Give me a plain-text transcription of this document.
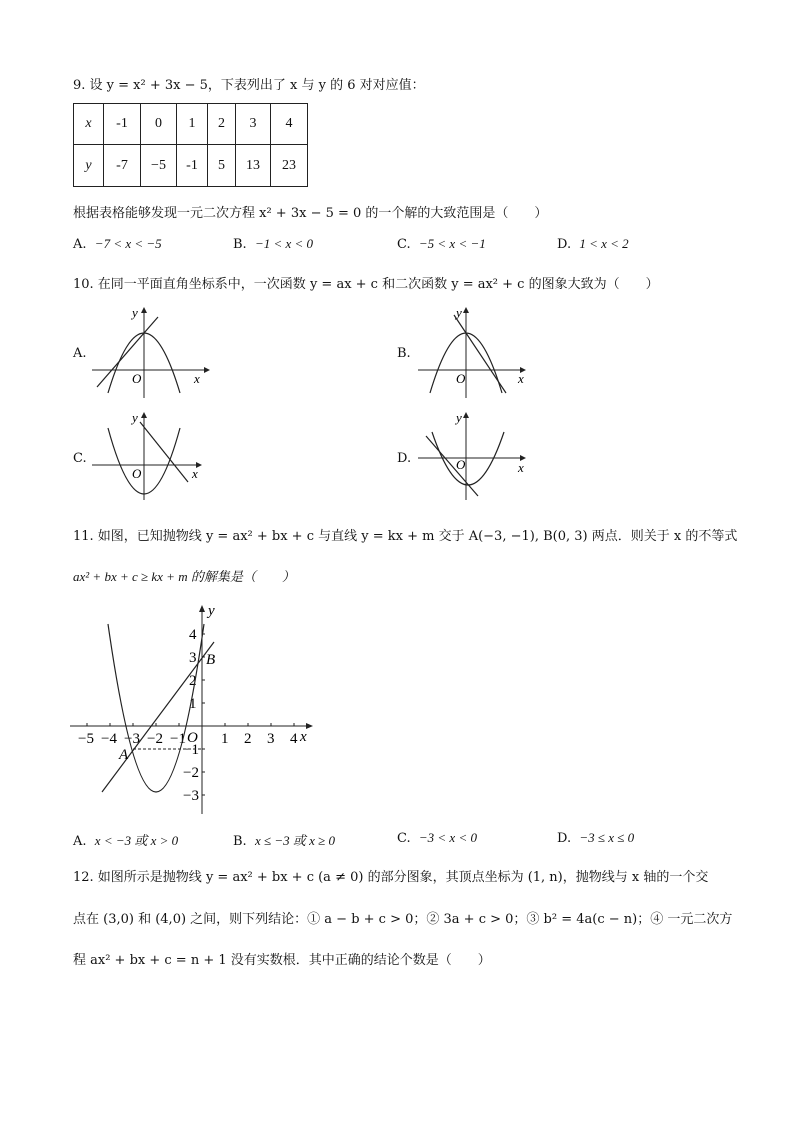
9. 设 y = x² + 3x − 5，下表列出了 x 与 y 的 6 对对应值：
x	-1	0	1	2	3	4
y	-7	−5	-1	5	13	23
根据表格能够发现一元二次方程 x² + 3x − 5 = 0 的一个解的大致范围是（　　）
A. −7 < x < −5	B. −1 < x < 0	C. −5 < x < −1	D. 1 < x < 2
10. 在同一平面直角坐标系中，一次函数 y = ax + c 和二次函数 y = ax² + c 的图象大致为（　　）
A.
x
y
O
B.
x
y
O
C.
x
y
O
D.
x
y
O
11. 如图，已知抛物线 y = ax² + bx + c 与直线 y = kx + m 交于 A(−3, −1), B(0, 3) 两点．则关于 x 的不等式
ax² + bx + c ≥ kx + m 的解集是（　　）
x
y
O
−5 −4 −3 −2 −1 1 2 3 4
4
3
2
1
−1
−2
−3
A
B
A. x < −3 或 x > 0	B. x ≤ −3 或 x ≥ 0	C. −3 < x < 0	D. −3 ≤ x ≤ 0
12. 如图所示是抛物线 y = ax² + bx + c (a ≠ 0) 的部分图象，其顶点坐标为 (1, n)，抛物线与 x 轴的一个交
点在 (3,0) 和 (4,0) 之间，则下列结论：① a − b + c > 0；② 3a + c > 0；③ b² = 4a(c − n)；④ 一元二次方
程 ax² + bx + c = n + 1 没有实数根．其中正确的结论个数是（　　）
